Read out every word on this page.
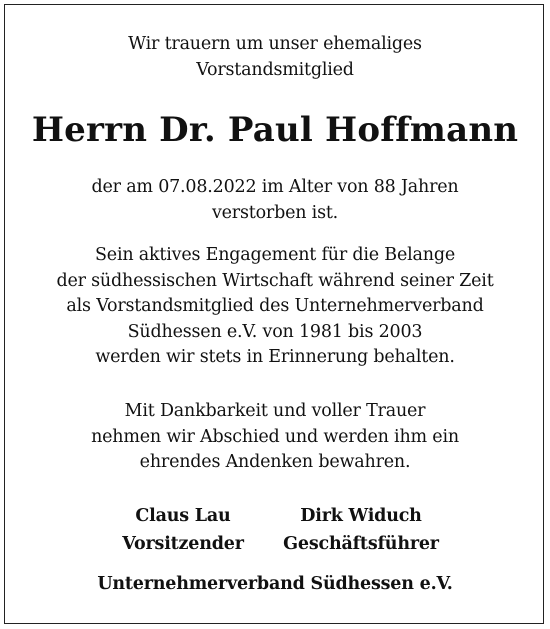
Wir trauern um unser ehemaliges
Vorstandsmitglied
Herrn Dr. Paul Hoffmann
der am 07.08.2022 im Alter von 88 Jahren
verstorben ist.
Sein aktives Engagement für die Belange
der südhessischen Wirtschaft während seiner Zeit
als Vorstandsmitglied des Unternehmerverband
Südhessen e.V. von 1981 bis 2003
werden wir stets in Erinnerung behalten.
Mit Dankbarkeit und voller Trauer
nehmen wir Abschied und werden ihm ein
ehrendes Andenken bewahren.
Claus Lau
Vorsitzender
Dirk Widuch
Geschäftsführer
Unternehmerverband Südhessen e.V.
